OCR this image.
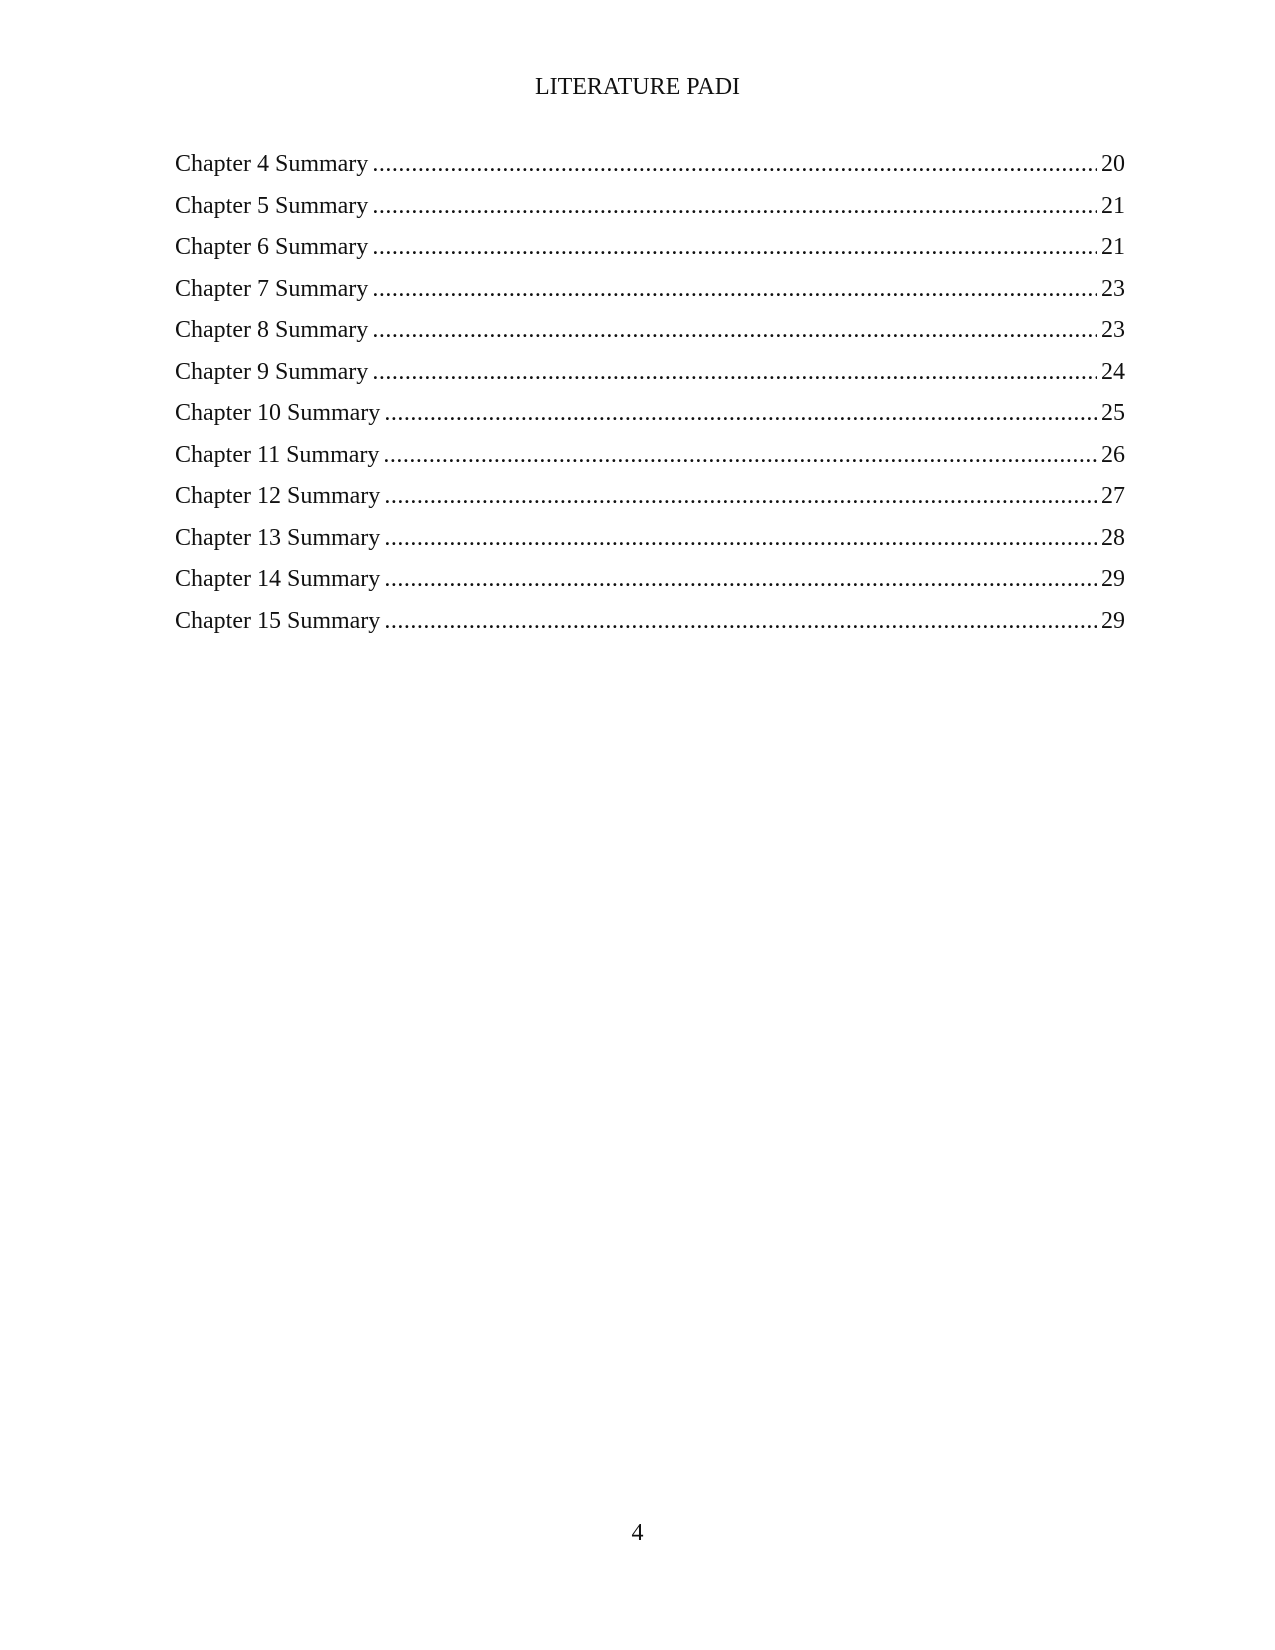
LITERATURE PADI
Chapter 4 Summary .....	20
Chapter 5 Summary .....	21
Chapter 6 Summary .....	21
Chapter 7 Summary .....	23
Chapter 8 Summary .....	23
Chapter 9 Summary .....	24
Chapter 10 Summary .....	25
Chapter 11 Summary .....	26
Chapter 12 Summary .....	27
Chapter 13 Summary .....	28
Chapter 14 Summary .....	29
Chapter 15 Summary .....	29
4
